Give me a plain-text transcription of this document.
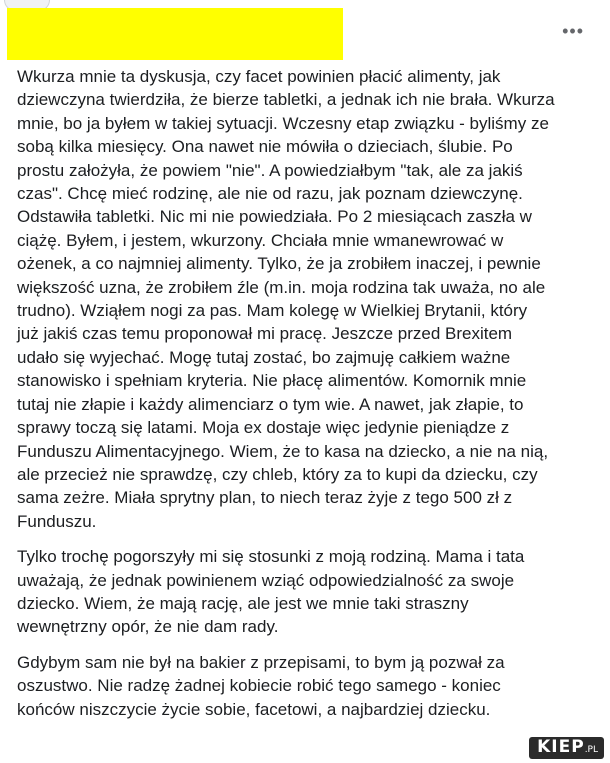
•••

Wkurza mnie ta dyskusja, czy facet powinien płacić alimenty, jak
dziewczyna twierdziła, że bierze tabletki, a jednak ich nie brała. Wkurza
mnie, bo ja byłem w takiej sytuacji. Wczesny etap związku - byliśmy ze
sobą kilka miesięcy. Ona nawet nie mówiła o dzieciach, ślubie. Po
prostu założyła, że powiem "nie". A powiedziałbym "tak, ale za jakiś
czas". Chcę mieć rodzinę, ale nie od razu, jak poznam dziewczynę.
Odstawiła tabletki. Nic mi nie powiedziała. Po 2 miesiącach zaszła w
ciążę. Byłem, i jestem, wkurzony. Chciała mnie wmanewrować w
ożenek, a co najmniej alimenty. Tylko, że ja zrobiłem inaczej, i pewnie
większość uzna, że zrobiłem źle (m.in. moja rodzina tak uważa, no ale
trudno). Wziąłem nogi za pas. Mam kolegę w Wielkiej Brytanii, który
już jakiś czas temu proponował mi pracę. Jeszcze przed Brexitem
udało się wyjechać. Mogę tutaj zostać, bo zajmuję całkiem ważne
stanowisko i spełniam kryteria. Nie płacę alimentów. Komornik mnie
tutaj nie złapie i każdy alimenciarz o tym wie. A nawet, jak złapie, to
sprawy toczą się latami. Moja ex dostaje więc jedynie pieniądze z
Funduszu Alimentacyjnego. Wiem, że to kasa na dziecko, a nie na nią,
ale przecież nie sprawdzę, czy chleb, który za to kupi da dziecku, czy
sama zeżre. Miała sprytny plan, to niech teraz żyje z tego 500 zł z
Funduszu.

Tylko trochę pogorszyły mi się stosunki z moją rodziną. Mama i tata
uważają, że jednak powinienem wziąć odpowiedzialność za swoje
dziecko. Wiem, że mają rację, ale jest we mnie taki straszny
wewnętrzny opór, że nie dam rady.

Gdybym sam nie był na bakier z przepisami, to bym ją pozwał za
oszustwo. Nie radzę żadnej kobiecie robić tego samego - koniec
końców niszczycie życie sobie, facetowi, a najbardziej dziecku.

KIEP.PL
